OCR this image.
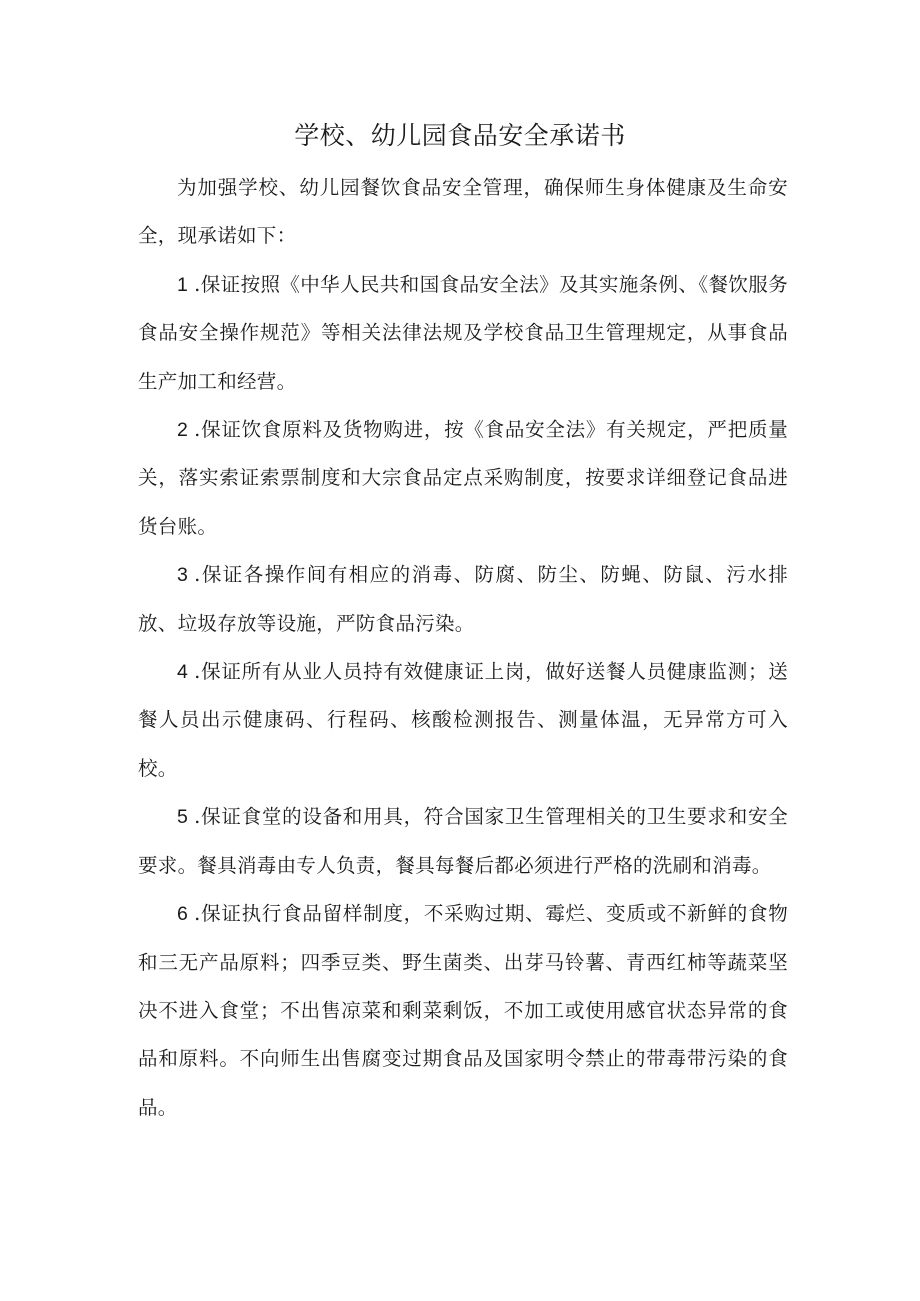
学校、幼儿园食品安全承诺书

为加强学校、幼儿园餐饮食品安全管理，确保师生身体健康及生命安全，现承诺如下：

1 .保证按照《中华人民共和国食品安全法》及其实施条例、《餐饮服务食品安全操作规范》等相关法律法规及学校食品卫生管理规定，从事食品生产加工和经营。

2 .保证饮食原料及货物购进，按《食品安全法》有关规定，严把质量关，落实索证索票制度和大宗食品定点采购制度，按要求详细登记食品进货台账。

3 .保证各操作间有相应的消毒、防腐、防尘、防蝇、防鼠、污水排放、垃圾存放等设施，严防食品污染。

4 .保证所有从业人员持有效健康证上岗，做好送餐人员健康监测；送餐人员出示健康码、行程码、核酸检测报告、测量体温，无异常方可入校。

5 .保证食堂的设备和用具，符合国家卫生管理相关的卫生要求和安全要求。餐具消毒由专人负责，餐具每餐后都必须进行严格的洗刷和消毒。

6 .保证执行食品留样制度，不采购过期、霉烂、变质或不新鲜的食物和三无产品原料；四季豆类、野生菌类、出芽马铃薯、青西红柿等蔬菜坚决不进入食堂；不出售凉菜和剩菜剩饭，不加工或使用感官状态异常的食品和原料。不向师生出售腐变过期食品及国家明令禁止的带毒带污染的食品。
